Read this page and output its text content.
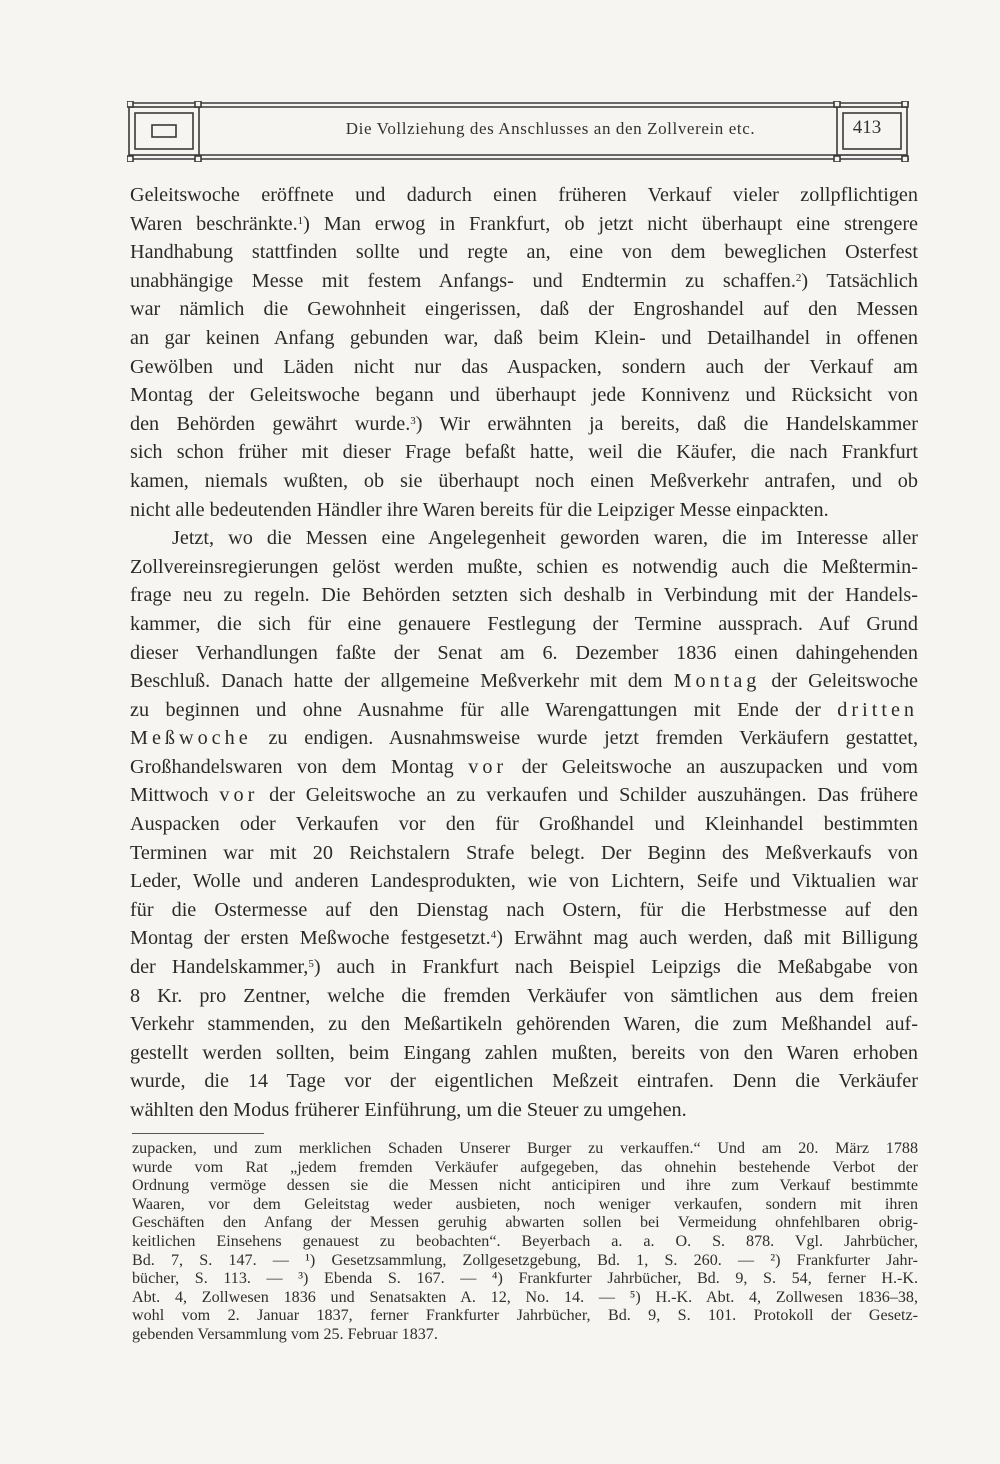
Die Vollziehung des Anschlusses an den Zollverein etc.	413
Geleitswoche eröffnete und dadurch einen früheren Verkauf vieler zollpflichtigen
Waren beschränkte.$^1$) Man erwog in Frankfurt, ob jetzt nicht überhaupt eine strengere
Handhabung stattfinden sollte und regte an, eine von dem beweglichen Osterfest
unabhängige Messe mit festem Anfangs- und Endtermin zu schaffen.$^2$) Tatsächlich
war nämlich die Gewohnheit eingerissen, daß der Engroshandel auf den Messen
an gar keinen Anfang gebunden war, daß beim Klein- und Detailhandel in offenen
Gewölben und Läden nicht nur das Auspacken, sondern auch der Verkauf am
Montag der Geleitswoche begann und überhaupt jede Konnivenz und Rücksicht von
den Behörden gewährt wurde.$^3$) Wir erwähnten ja bereits, daß die Handelskammer
sich schon früher mit dieser Frage befaßt hatte, weil die Käufer, die nach Frankfurt
kamen, niemals wußten, ob sie überhaupt noch einen Meßverkehr antrafen, und ob
nicht alle bedeutenden Händler ihre Waren bereits für die Leipziger Messe einpackten.
Jetzt, wo die Messen eine Angelegenheit geworden waren, die im Interesse aller
Zollvereinsregierungen gelöst werden mußte, schien es notwendig auch die Meßtermin-
frage neu zu regeln. Die Behörden setzten sich deshalb in Verbindung mit der Handels-
kammer, die sich für eine genauere Festlegung der Termine aussprach. Auf Grund
dieser Verhandlungen faßte der Senat am 6. Dezember 1836 einen dahingehenden
Beschluß. Danach hatte der allgemeine Meßverkehr mit dem Montag der Geleitswoche
zu beginnen und ohne Ausnahme für alle Warengattungen mit Ende der dritten
Meßwoche zu endigen. Ausnahmsweise wurde jetzt fremden Verkäufern gestattet,
Großhandelswaren von dem Montag vor der Geleitswoche an auszupacken und vom
Mittwoch vor der Geleitswoche an zu verkaufen und Schilder auszuhängen. Das frühere
Auspacken oder Verkaufen vor den für Großhandel und Kleinhandel bestimmten
Terminen war mit 20 Reichstalern Strafe belegt. Der Beginn des Meßverkaufs von
Leder, Wolle und anderen Landesprodukten, wie von Lichtern, Seife und Viktualien war
für die Ostermesse auf den Dienstag nach Ostern, für die Herbstmesse auf den
Montag der ersten Meßwoche festgesetzt.$^4$) Erwähnt mag auch werden, daß mit Billigung
der Handelskammer,$^5$) auch in Frankfurt nach Beispiel Leipzigs die Meßabgabe von
8 Kr. pro Zentner, welche die fremden Verkäufer von sämtlichen aus dem freien
Verkehr stammenden, zu den Meßartikeln gehörenden Waren, die zum Meßhandel auf-
gestellt werden sollten, beim Eingang zahlen mußten, bereits von den Waren erhoben
wurde, die 14 Tage vor der eigentlichen Meßzeit eintrafen. Denn die Verkäufer
wählten den Modus früherer Einführung, um die Steuer zu umgehen.
zupacken, und zum merklichen Schaden Unserer Burger zu verkauffen.“ Und am 20. März 1788
wurde vom Rat „jedem fremden Verkäufer aufgegeben, das ohnehin bestehende Verbot der
Ordnung vermöge dessen sie die Messen nicht anticipiren und ihre zum Verkauf bestimmte
Waaren, vor dem Geleitstag weder ausbieten, noch weniger verkaufen, sondern mit ihren
Geschäften den Anfang der Messen geruhig abwarten sollen bei Vermeidung ohnfehlbaren obrig-
keitlichen Einsehens genauest zu beobachten“. Beyerbach a. a. O. S. 878. Vgl. Jahrbücher,
Bd. 7, S. 147. — ¹) Gesetzsammlung, Zollgesetzgebung, Bd. 1, S. 260. — ²) Frankfurter Jahr-
bücher, S. 113. — ³) Ebenda S. 167. — ⁴) Frankfurter Jahrbücher, Bd. 9, S. 54, ferner H.-K.
Abt. 4, Zollwesen 1836 und Senatsakten A. 12, No. 14. — ⁵) H.-K. Abt. 4, Zollwesen 1836–38,
wohl vom 2. Januar 1837, ferner Frankfurter Jahrbücher, Bd. 9, S. 101. Protokoll der Gesetz-
gebenden Versammlung vom 25. Februar 1837.
